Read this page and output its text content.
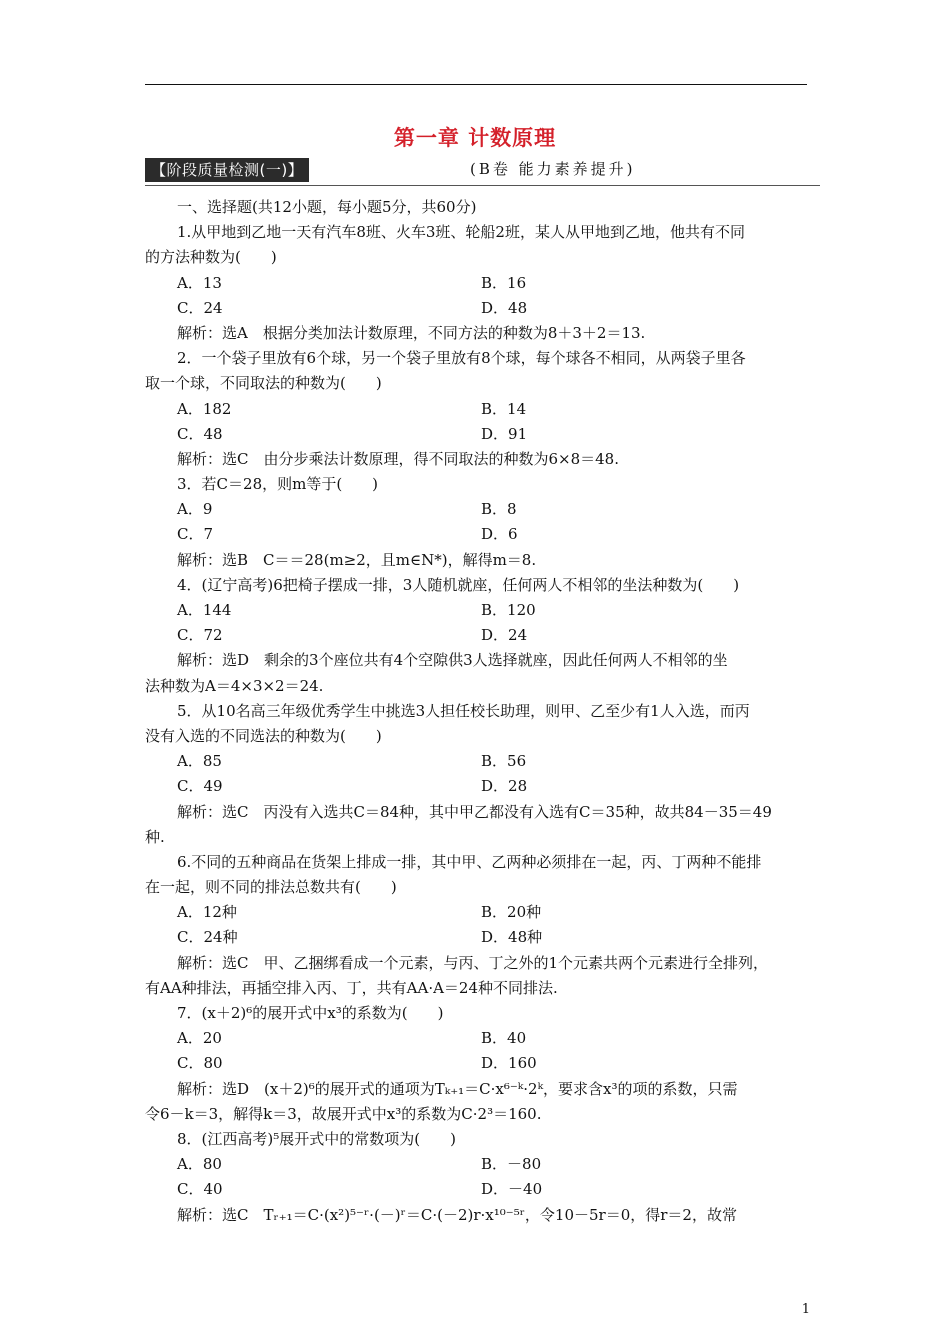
第一章 计数原理
【阶段质量检测(一)】	(B卷 能力素养提升)
一、选择题(共12小题，每小题5分，共60分)
1.从甲地到乙地一天有汽车8班、火车3班、轮船2班，某人从甲地到乙地，他共有不同
的方法种数为(　　)
A．13	B．16
C．24	D．48
解析：选A　根据分类加法计数原理，不同方法的种数为8＋3＋2＝13.
2．一个袋子里放有6个球，另一个袋子里放有8个球，每个球各不相同，从两袋子里各
取一个球，不同取法的种数为(　　)
A．182	B．14
C．48	D．91
解析：选C　由分步乘法计数原理，得不同取法的种数为6×8＝48.
3．若C＝28，则m等于(　　)
A．9	B．8
C．7	D．6
解析：选B　C＝＝28(m≥2，且m∈N*)，解得m＝8.
4．(辽宁高考)6把椅子摆成一排，3人随机就座，任何两人不相邻的坐法种数为(　　)
A．144	B．120
C．72	D．24
解析：选D　剩余的3个座位共有4个空隙供3人选择就座，因此任何两人不相邻的坐
法种数为A＝4×3×2＝24.
5．从10名高三年级优秀学生中挑选3人担任校长助理，则甲、乙至少有1人入选，而丙
没有入选的不同选法的种数为(　　)
A．85	B．56
C．49	D．28
解析：选C　丙没有入选共C＝84种，其中甲乙都没有入选有C＝35种，故共84－35＝49
种.
6.不同的五种商品在货架上排成一排，其中甲、乙两种必须排在一起，丙、丁两种不能排
在一起，则不同的排法总数共有(　　)
A．12种	B．20种
C．24种	D．48种
解析：选C　甲、乙捆绑看成一个元素，与丙、丁之外的1个元素共两个元素进行全排列，
有AA种排法，再插空排入丙、丁，共有AA·A＝24种不同排法.
7．(x＋2)⁶的展开式中x³的系数为(　　)
A．20	B．40
C．80	D．160
解析：选D　(x＋2)⁶的展开式的通项为Tₖ₊₁＝C·x⁶⁻ᵏ·2ᵏ，要求含x³的项的系数，只需
令6－k＝3，解得k＝3，故展开式中x³的系数为C·2³＝160.
8．(江西高考)⁵展开式中的常数项为(　　)
A．80	B．－80
C．40	D．－40
解析：选C　Tᵣ₊₁＝C·(x²)⁵⁻ʳ·(－)ʳ＝C·(－2)r·x¹⁰⁻⁵ʳ，令10－5r＝0，得r＝2，故常
1
